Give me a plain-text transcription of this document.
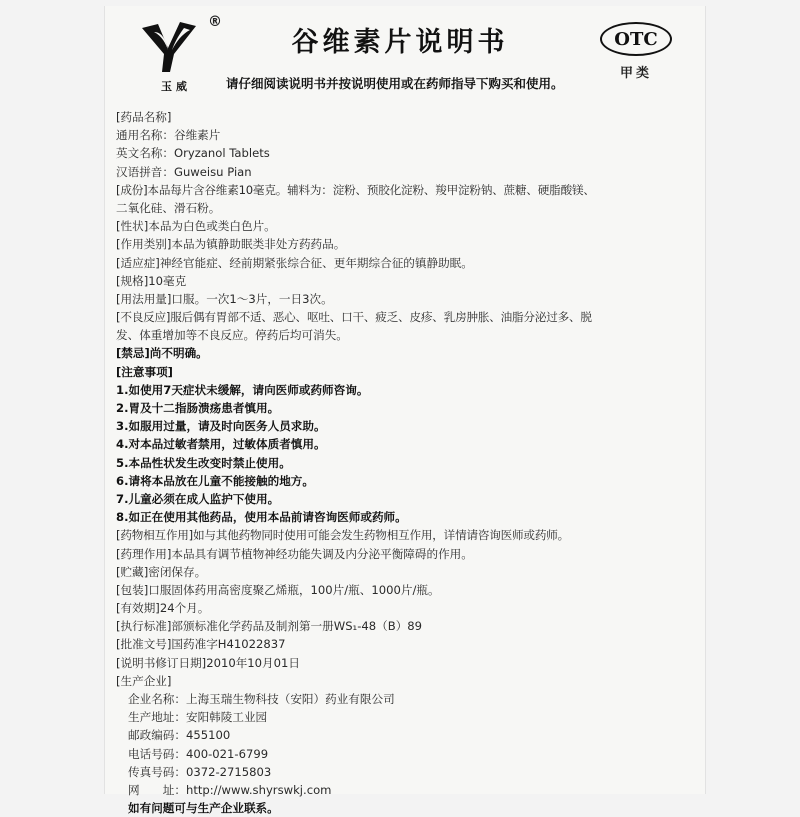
玉威
®
谷维素片说明书	OTC
甲类
请仔细阅读说明书并按说明使用或在药师指导下购买和使用。
[药品名称]
通用名称：谷维素片
英文名称：Oryzanol Tablets
汉语拼音：Guweisu Pian
[成份]本品每片含谷维素10毫克。辅料为：淀粉、预胶化淀粉、羧甲淀粉钠、蔗糖、硬脂酸镁、
二氧化硅、滑石粉。
[性状]本品为白色或类白色片。
[作用类别]本品为镇静助眠类非处方药药品。
[适应症]神经官能症、经前期紧张综合征、更年期综合征的镇静助眠。
[规格]10毫克
[用法用量]口服。一次1～3片，一日3次。
[不良反应]服后偶有胃部不适、恶心、呕吐、口干、疲乏、皮疹、乳房肿胀、油脂分泌过多、脱
发、体重增加等不良反应。停药后均可消失。
[禁忌]尚不明确。
[注意事项]
1.如使用7天症状未缓解，请向医师或药师咨询。
2.胃及十二指肠溃疡患者慎用。
3.如服用过量，请及时向医务人员求助。
4.对本品过敏者禁用，过敏体质者慎用。
5.本品性状发生改变时禁止使用。
6.请将本品放在儿童不能接触的地方。
7.儿童必须在成人监护下使用。
8.如正在使用其他药品，使用本品前请咨询医师或药师。
[药物相互作用]如与其他药物同时使用可能会发生药物相互作用，详情请咨询医师或药师。
[药理作用]本品具有调节植物神经功能失调及内分泌平衡障碍的作用。
[贮藏]密闭保存。
[包装]口服固体药用高密度聚乙烯瓶，100片/瓶、1000片/瓶。
[有效期]24个月。
[执行标准]部颁标准化学药品及制剂第一册WS₁-48（B）89
[批准文号]国药准字H41022837
[说明书修订日期]2010年10月01日
[生产企业]
企业名称：上海玉瑞生物科技（安阳）药业有限公司
生产地址：安阳韩陵工业园
邮政编码：455100
电话号码：400-021-6799
传真号码：0372-2715803
网　　址：http://www.shyrswkj.com
如有问题可与生产企业联系。
